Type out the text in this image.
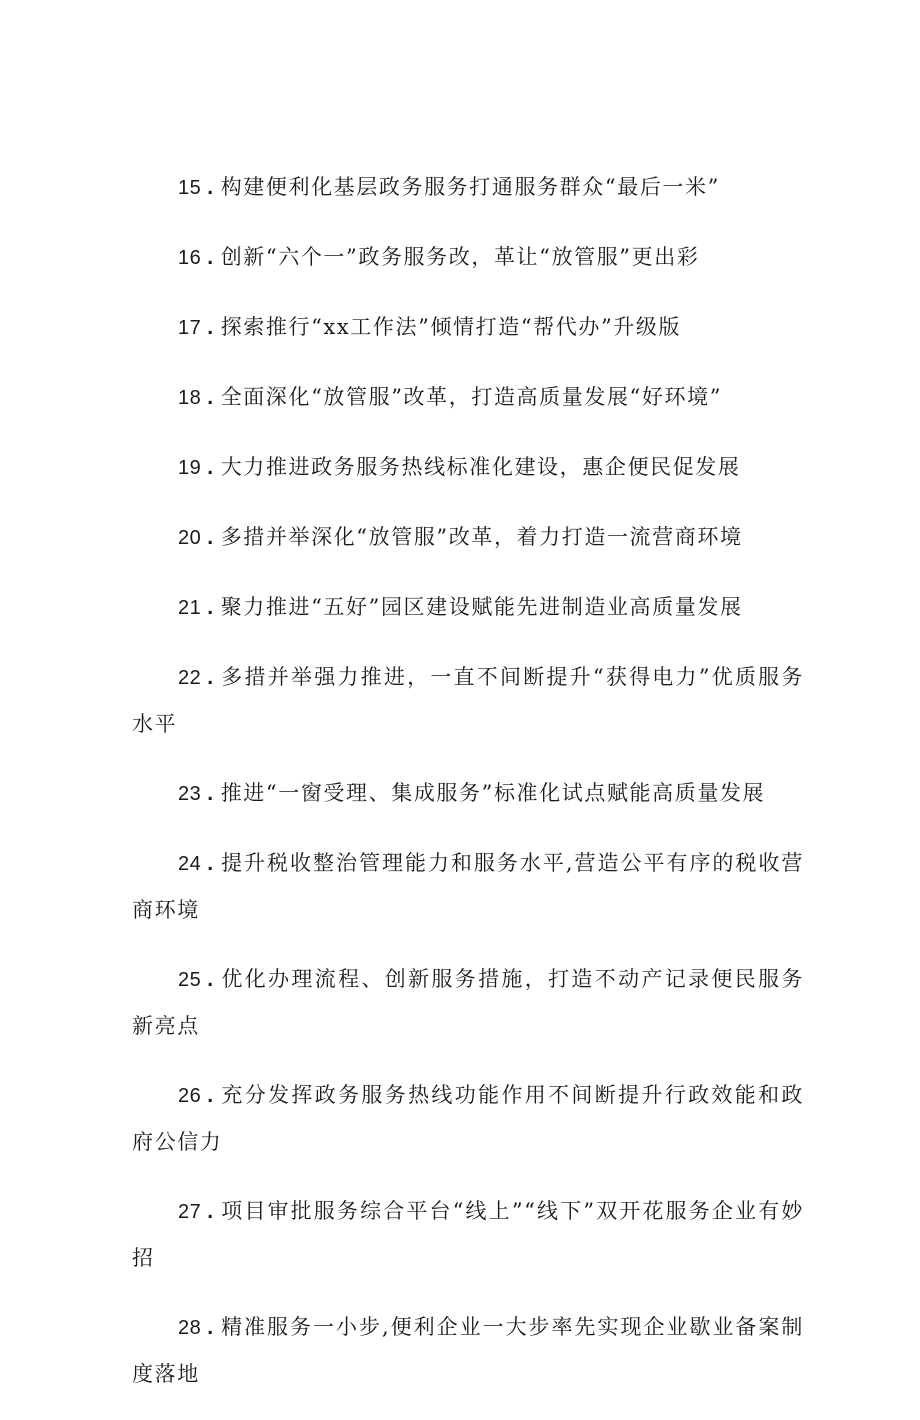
15 . 构建便利化基层政务服务打通服务群众“最后一米”
16 . 创新“六个一”政务服务改，革让“放管服”更出彩
17 . 探索推行“xx工作法”倾情打造“帮代办”升级版
18 . 全面深化“放管服”改革，打造高质量发展“好环境”
19 . 大力推进政务服务热线标准化建设，惠企便民促发展
20 . 多措并举深化“放管服”改革，着力打造一流营商环境
21 . 聚力推进“五好”园区建设赋能先进制造业高质量发展
22 . 多措并举强力推进，一直不间断提升“获得电力”优质服务水平
23 . 推进“一窗受理、集成服务”标准化试点赋能高质量发展
24 . 提升税收整治管理能力和服务水平,营造公平有序的税收营商环境
25 . 优化办理流程、创新服务措施，打造不动产记录便民服务新亮点
26 . 充分发挥政务服务热线功能作用不间断提升行政效能和政府公信力
27 . 项目审批服务综合平台“线上”“线下”双开花服务企业有妙招
28 . 精准服务一小步,便利企业一大步率先实现企业歇业备案制度落地
